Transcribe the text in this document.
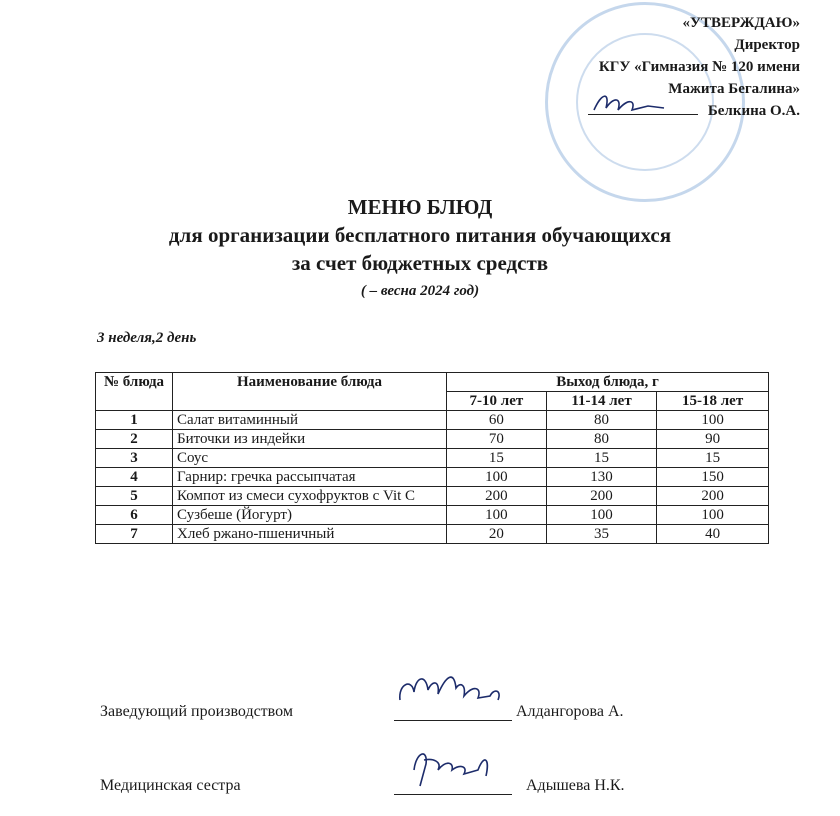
«УТВЕРЖДАЮ»
Директор
КГУ «Гимназия № 120 имени
Мажита Бегалина»
Белкина О.А.
МЕНЮ БЛЮД
для организации бесплатного питания обучающихся
за счет бюджетных средств
( – весна 2024 год)
3 неделя,2 день
№ блюда	Наименование блюда	Выход блюда, г		
		7-10 лет	11-14 лет	15-18 лет
1	Салат витаминный	60	80	100
2	Биточки из индейки	70	80	90
3	Соус	15	15	15
4	Гарнир: гречка рассыпчатая	100	130	150
5	Компот из смеси сухофруктов с Vit C	200	200	200
6	Сузбеше (Йогурт)	100	100	100
7	Хлеб ржано-пшеничный	20	35	40
Заведующий производством	Алдангорова А.
Медицинская сестра	Адышева Н.К.
